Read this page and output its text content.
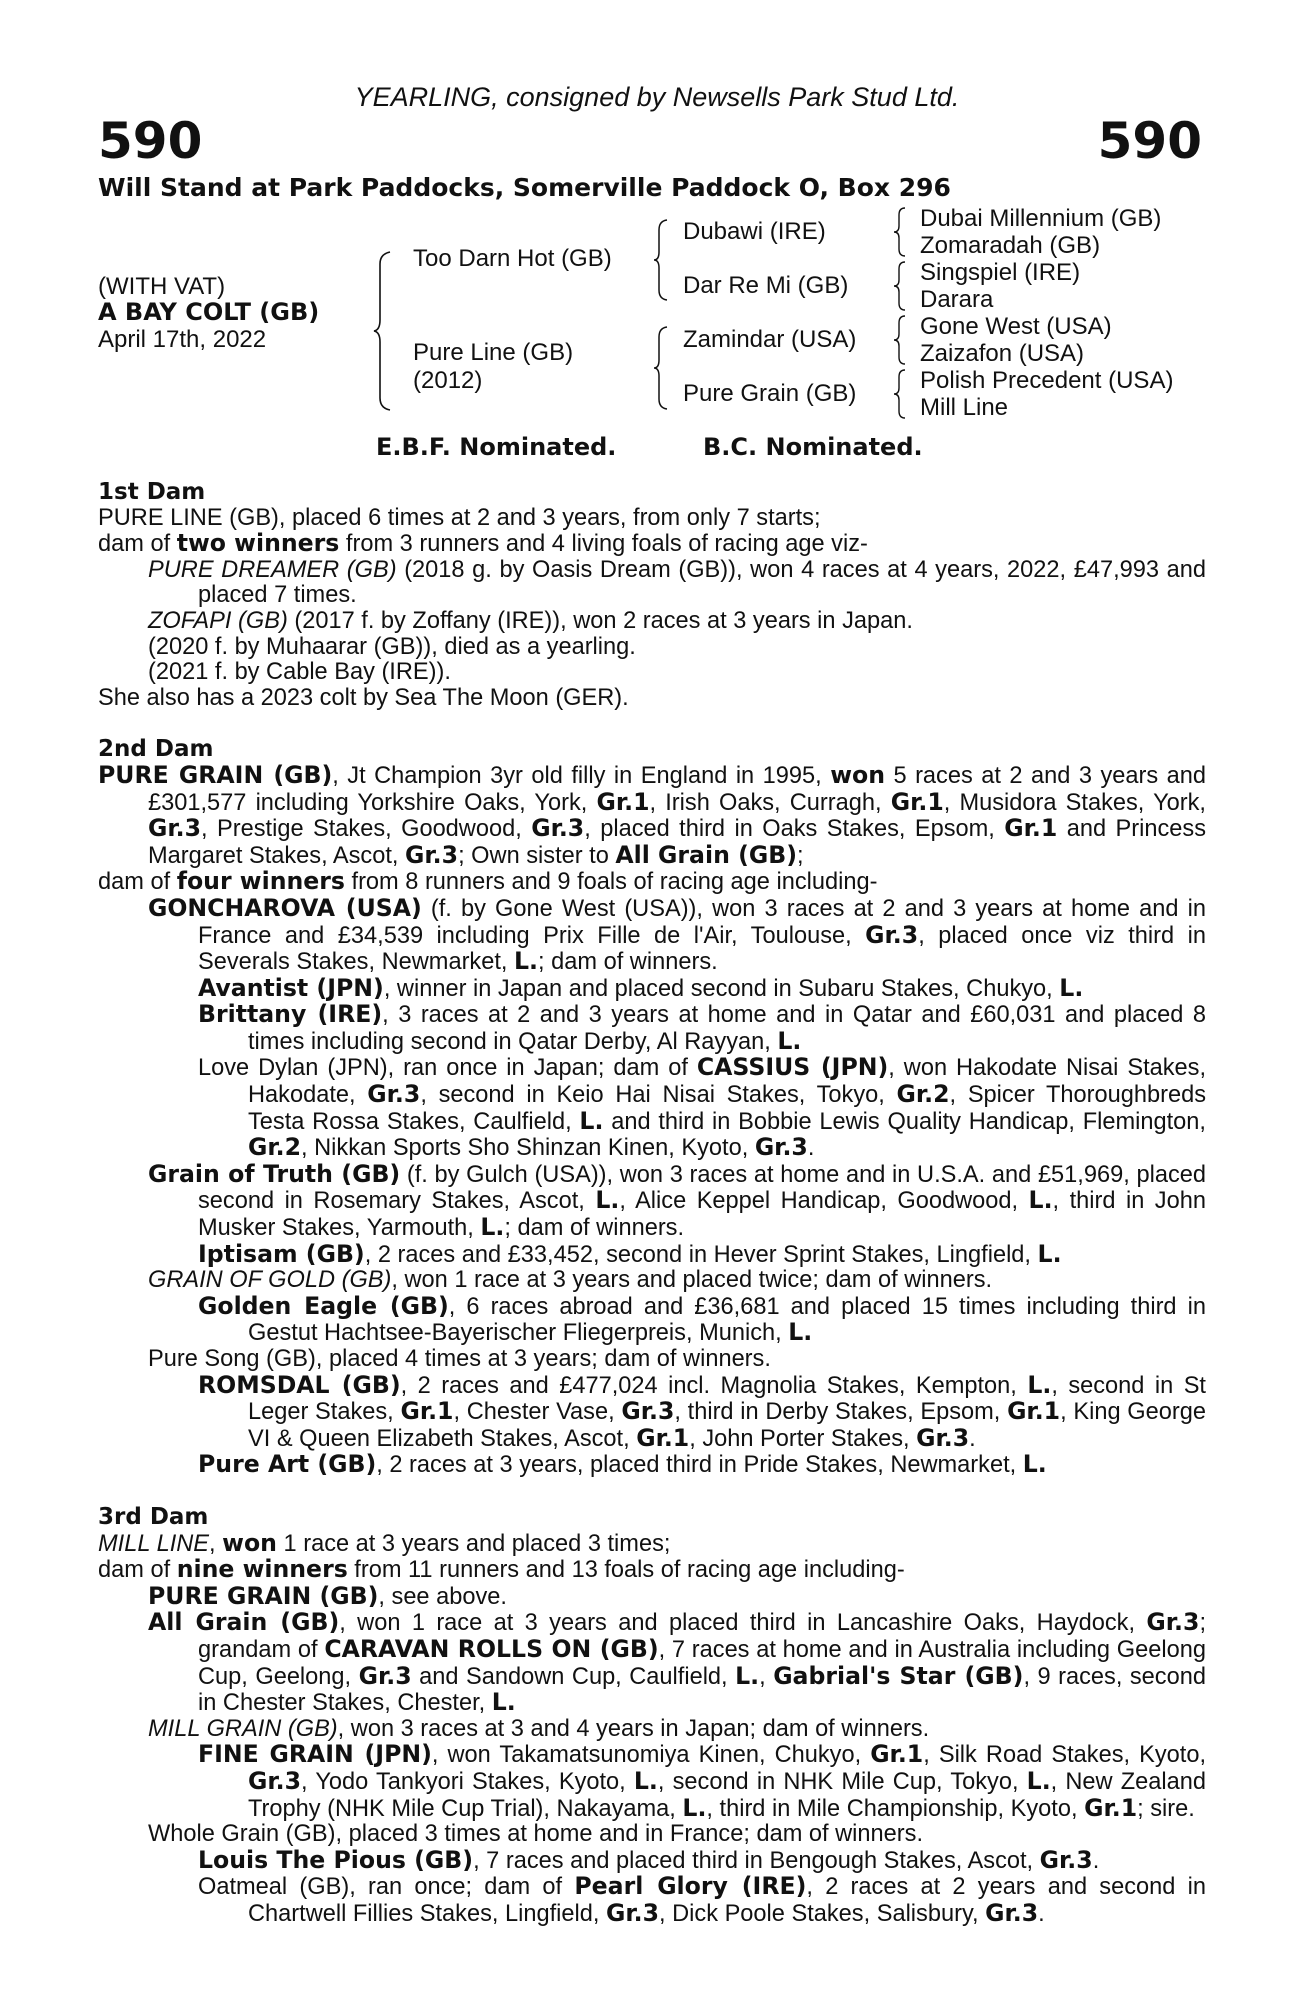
YEARLING, consigned by Newsells Park Stud Ltd.
590	590
Will Stand at Park Paddocks, Somerville Paddock O, Box 296
(WITH VAT)
A BAY COLT (GB)
April 17th, 2022
Too Darn Hot (GB)
Pure Line (GB)
(2012)
Dubawi (IRE)
Dar Re Mi (GB)
Zamindar (USA)
Pure Grain (GB)
Dubai Millennium (GB)
Zomaradah (GB)
Singspiel (IRE)
Darara
Gone West (USA)
Zaizafon (USA)
Polish Precedent (USA)
Mill Line
E.B.F. Nominated.	B.C. Nominated.
1st Dam
PURE LINE (GB), placed 6 times at 2 and 3 years, from only 7 starts;
dam of two winners from 3 runners and 4 living foals of racing age viz-
PURE DREAMER (GB) (2018 g. by Oasis Dream (GB)), won 4 races at 4 years, 2022, £47,993 and placed 7 times.
ZOFAPI (GB) (2017 f. by Zoffany (IRE)), won 2 races at 3 years in Japan.
(2020 f. by Muhaarar (GB)), died as a yearling.
(2021 f. by Cable Bay (IRE)).
She also has a 2023 colt by Sea The Moon (GER).
2nd Dam
PURE GRAIN (GB), Jt Champion 3yr old filly in England in 1995, won 5 races at 2 and 3 years and £301,577 including Yorkshire Oaks, York, Gr.1, Irish Oaks, Curragh, Gr.1, Musidora Stakes, York, Gr.3, Prestige Stakes, Goodwood, Gr.3, placed third in Oaks Stakes, Epsom, Gr.1 and Princess Margaret Stakes, Ascot, Gr.3; Own sister to All Grain (GB);
dam of four winners from 8 runners and 9 foals of racing age including-
GONCHAROVA (USA) (f. by Gone West (USA)), won 3 races at 2 and 3 years at home and in France and £34,539 including Prix Fille de l'Air, Toulouse, Gr.3, placed once viz third in Severals Stakes, Newmarket, L.; dam of winners.
Avantist (JPN), winner in Japan and placed second in Subaru Stakes, Chukyo, L.
Brittany (IRE), 3 races at 2 and 3 years at home and in Qatar and £60,031 and placed 8 times including second in Qatar Derby, Al Rayyan, L.
Love Dylan (JPN), ran once in Japan; dam of CASSIUS (JPN), won Hakodate Nisai Stakes, Hakodate, Gr.3, second in Keio Hai Nisai Stakes, Tokyo, Gr.2, Spicer Thoroughbreds Testa Rossa Stakes, Caulfield, L. and third in Bobbie Lewis Quality Handicap, Flemington, Gr.2, Nikkan Sports Sho Shinzan Kinen, Kyoto, Gr.3.
Grain of Truth (GB) (f. by Gulch (USA)), won 3 races at home and in U.S.A. and £51,969, placed second in Rosemary Stakes, Ascot, L., Alice Keppel Handicap, Goodwood, L., third in John Musker Stakes, Yarmouth, L.; dam of winners.
Iptisam (GB), 2 races and £33,452, second in Hever Sprint Stakes, Lingfield, L.
GRAIN OF GOLD (GB), won 1 race at 3 years and placed twice; dam of winners.
Golden Eagle (GB), 6 races abroad and £36,681 and placed 15 times including third in Gestut Hachtsee-Bayerischer Fliegerpreis, Munich, L.
Pure Song (GB), placed 4 times at 3 years; dam of winners.
ROMSDAL (GB), 2 races and £477,024 incl. Magnolia Stakes, Kempton, L., second in St Leger Stakes, Gr.1, Chester Vase, Gr.3, third in Derby Stakes, Epsom, Gr.1, King George VI & Queen Elizabeth Stakes, Ascot, Gr.1, John Porter Stakes, Gr.3.
Pure Art (GB), 2 races at 3 years, placed third in Pride Stakes, Newmarket, L.
3rd Dam
MILL LINE, won 1 race at 3 years and placed 3 times;
dam of nine winners from 11 runners and 13 foals of racing age including-
PURE GRAIN (GB), see above.
All Grain (GB), won 1 race at 3 years and placed third in Lancashire Oaks, Haydock, Gr.3; grandam of CARAVAN ROLLS ON (GB), 7 races at home and in Australia including Geelong Cup, Geelong, Gr.3 and Sandown Cup, Caulfield, L., Gabrial's Star (GB), 9 races, second in Chester Stakes, Chester, L.
MILL GRAIN (GB), won 3 races at 3 and 4 years in Japan; dam of winners.
FINE GRAIN (JPN), won Takamatsunomiya Kinen, Chukyo, Gr.1, Silk Road Stakes, Kyoto, Gr.3, Yodo Tankyori Stakes, Kyoto, L., second in NHK Mile Cup, Tokyo, L., New Zealand Trophy (NHK Mile Cup Trial), Nakayama, L., third in Mile Championship, Kyoto, Gr.1; sire.
Whole Grain (GB), placed 3 times at home and in France; dam of winners.
Louis The Pious (GB), 7 races and placed third in Bengough Stakes, Ascot, Gr.3.
Oatmeal (GB), ran once; dam of Pearl Glory (IRE), 2 races at 2 years and second in Chartwell Fillies Stakes, Lingfield, Gr.3, Dick Poole Stakes, Salisbury, Gr.3.
